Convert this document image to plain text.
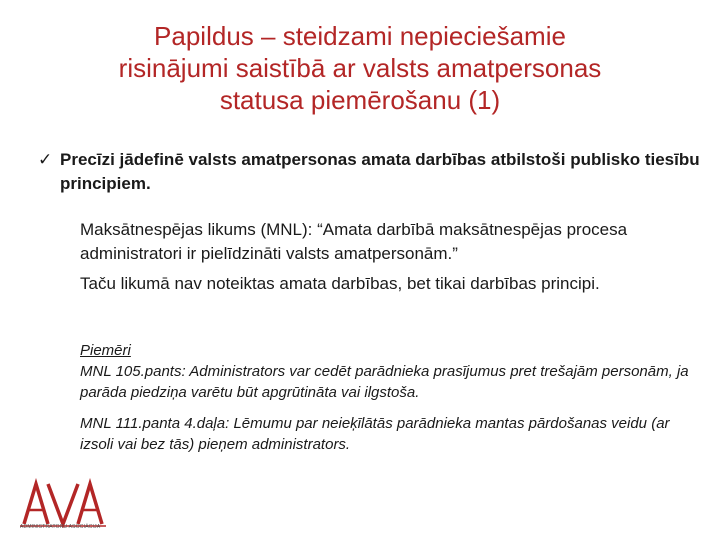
Papildus – steidzami nepieciešamie
risinājumi saistībā ar valsts amatpersonas
statusa piemērošanu (1)
✓ Precīzi jādefinē valsts amatpersonas amata darbības atbilstoši publisko tiesību principiem.
Maksātnespējas likums (MNL): “Amata darbībā maksātnespējas procesa administratori ir pielīdzināti valsts amatpersonām.”
Taču likumā nav noteiktas amata darbības, bet tikai darbības principi.
Piemēri
MNL 105.pants: Administrators var cedēt parādnieka prasījumus pret trešajām personām, ja parāda piedziņa varētu būt apgrūtināta vai ilgstoša.
MNL 111.panta 4.daļa: Lēmumu par neieķīlātās parādnieka mantas pārdošanas veidu (ar izsoli vai bez tās) pieņem administrators.
ADMINISTRATORU ASOCIĀCIJA
